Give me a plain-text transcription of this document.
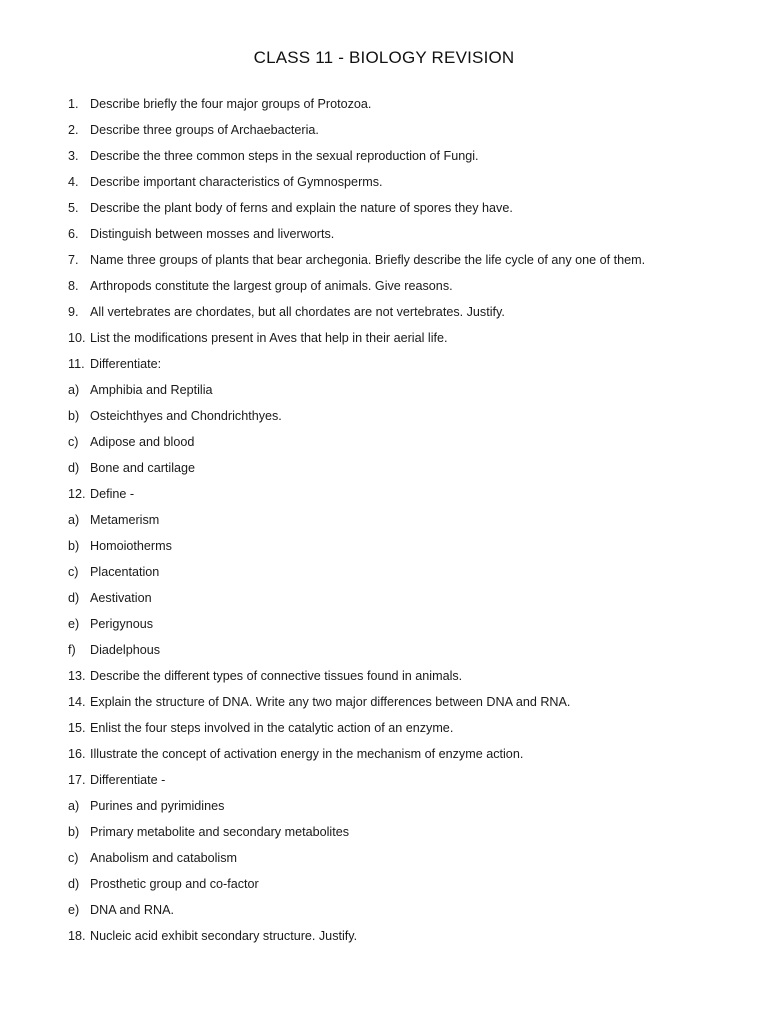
CLASS 11 - BIOLOGY REVISION
1. Describe briefly the four major groups of Protozoa.
2. Describe three groups of Archaebacteria.
3. Describe the three common steps in the sexual reproduction of Fungi.
4. Describe important characteristics of Gymnosperms.
5. Describe the plant body of ferns and explain the nature of spores they have.
6. Distinguish between mosses and liverworts.
7. Name three groups of plants that bear archegonia. Briefly describe the life cycle of any one of them.
8. Arthropods constitute the largest group of animals. Give reasons.
9. All vertebrates are chordates, but all chordates are not vertebrates. Justify.
10. List the modifications present in Aves that help in their aerial life.
11. Differentiate:
a) Amphibia and Reptilia
b) Osteichthyes and Chondrichthyes.
c) Adipose and blood
d) Bone and cartilage
12. Define -
a) Metamerism
b) Homoiotherms
c) Placentation
d) Aestivation
e) Perigynous
f)	Diadelphous
13. Describe the different types of connective tissues found in animals.
14. Explain the structure of DNA. Write any two major differences between DNA and RNA.
15. Enlist the four steps involved in the catalytic action of an enzyme.
16. Illustrate the concept of activation energy in the mechanism of enzyme action.
17. Differentiate -
a) Purines and pyrimidines
b) Primary metabolite and secondary metabolites
c) Anabolism and catabolism
d) Prosthetic group and co-factor
e) DNA and RNA.
18. Nucleic acid exhibit secondary structure. Justify.
